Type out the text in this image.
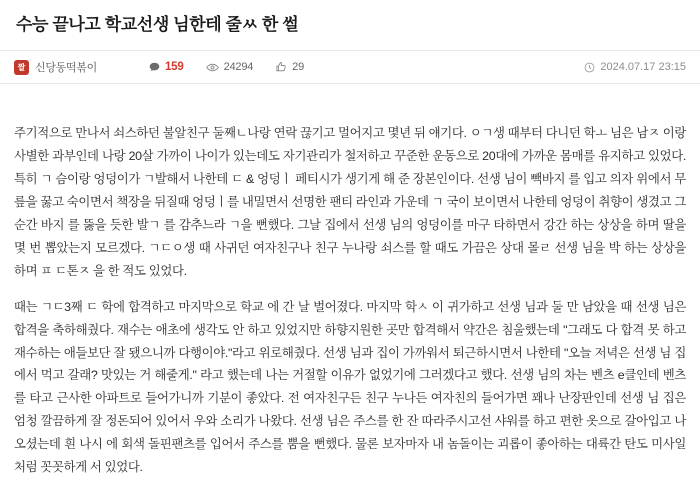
수능 끝나고 학교선생 님한테 줄ㅆ 한 썰
짤 신당동떡볶이	159	24294	29	2024.07.17 23:15

주기적으로 만나서 쇠스하던 불알친구 둘째ㄴ나랑 연락 끊기고 멀어지고 몇년 뒤 얘기다. ㅇㄱ생 때부터 다니던 학ㅗ 님은 남ㅈ 이랑 사별한 과부인데 나랑 20살 가까이 나이가 있는데도 자기관리가 철저하고 꾸준한 운동으로 20대에 가까운 몸매를 유지하고 있었다. 특히 ㄱ 슴이랑 엉덩이가 ㄱ발해서 나한테 ㄷ & 엉덩ㅣ 페티시가 생기게 해 준 장본인이다. 선생 님이 빽바지 를 입고 의자 위에서 무릎을 꿇고 숙이면서 책장을 뒤질때 엉덩ㅣ를 내밀면서 선명한 팬티 라인과 가운데 ㄱ 국이 보이면서 나한테 엉덩이 취향이 생겼고 그 순간 바지 를 뚫을 듯한 발ㄱ 를 감추느라 ㄱ을 뻔했다. 그날 집에서 선생 님의 엉덩이를 마구 타하면서 강간 하는 상상을 하며 딸을 몇 번 뽑았는지 모르겠다. ㄱㄷㅇ생 때 사귀던 여자친구나 친구 누나랑 쇠스를 할 때도 가끔은 상대 몰ㄹ 선생 님을 박 하는 상상을 하며 ㅍ ㄷ톤ㅈ 을 한 적도 있었다.

때는 ㄱㄷ3째 ㄷ 학에 합격하고 마지막으로 학교 에 간 날 벌어졌다. 마지막 학ㅅ 이 귀가하고 선생 님과 둘 만 남았을 때 선생 님은 합격을 축하해줬다. 재수는 애초에 생각도 안 하고 있었지만 하향지원한 곳만 합격해서 약간은 침울했는데 "그래도 다 합격 못 하고 재수하는 애들보단 잘 됐으니까 다행이야."라고 위로해줬다. 선생 님과 집이 가까워서 퇴근하시면서 나한테 "오늘 저녁은 선생 님 집에서 먹고 갈래? 맛있는 거 해줄게." 라고 했는데 나는 거절할 이유가 없었기에 그러겠다고 했다. 선생 님의 차는 벤츠 e클인데 벤츠를 타고 근사한 아파트로 들어가니까 기분이 좋았다. 전 여자친구든 친구 누나든 여자친의 들어가면 꽤나 난장판인데 선생 님 집은 엄청 깔끔하게 잘 정돈되어 있어서 우와 소리가 나왔다. 선생 님은 주스를 한 잔 따라주시고선 샤워를 하고 편한 옷으로 갈아입고 나오셨는데 흰 나시 에 회색 돌핀팬츠를 입어서 주스를 뿜을 뻔했다. 물론 보자마자 내 놈돌이는 괴롭이 좋아하는 대륙간 탄도 미사일처럼 꼿꼿하게 서 있었다.
